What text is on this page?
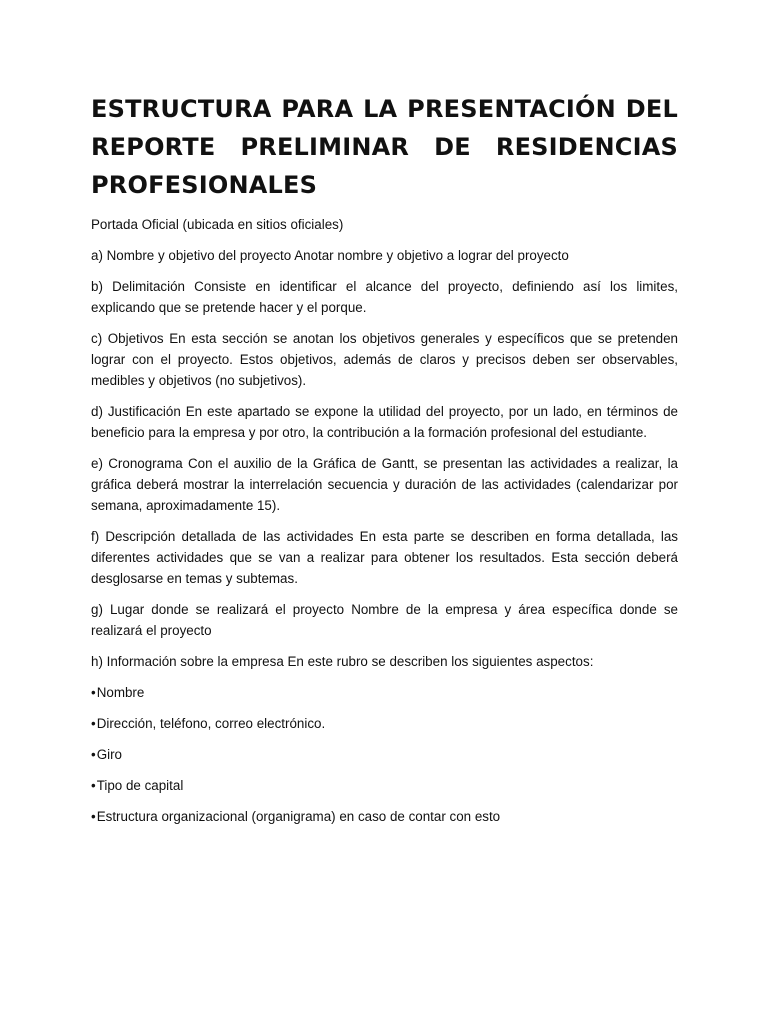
ESTRUCTURA PARA LA PRESENTACIÓN DEL REPORTE PRELIMINAR DE RESIDENCIAS PROFESIONALES

Portada Oficial (ubicada en sitios oficiales)

a) Nombre y objetivo del proyecto Anotar nombre y objetivo a lograr del proyecto

b) Delimitación Consiste en identificar el alcance del proyecto, definiendo así los limites, explicando que se pretende hacer y el porque.

c) Objetivos En esta sección se anotan los objetivos generales y específicos que se pretenden lograr con el proyecto. Estos objetivos, además de claros y precisos deben ser observables, medibles y objetivos (no subjetivos).

d) Justificación En este apartado se expone la utilidad del proyecto, por un lado, en términos de beneficio para la empresa y por otro, la contribución a la formación profesional del estudiante.

e) Cronograma Con el auxilio de la Gráfica de Gantt, se presentan las actividades a realizar, la gráfica deberá mostrar la interrelación secuencia y duración de las actividades (calendarizar por semana, aproximadamente 15).

f) Descripción detallada de las actividades En esta parte se describen en forma detallada, las diferentes actividades que se van a realizar para obtener los resultados. Esta sección deberá desglosarse en temas y subtemas.

g) Lugar donde se realizará el proyecto Nombre de la empresa y área específica donde se realizará el proyecto

h) Información sobre la empresa En este rubro se describen los siguientes aspectos:

•Nombre

•Dirección, teléfono, correo electrónico.

•Giro

•Tipo de capital

•Estructura organizacional (organigrama) en caso de contar con esto
